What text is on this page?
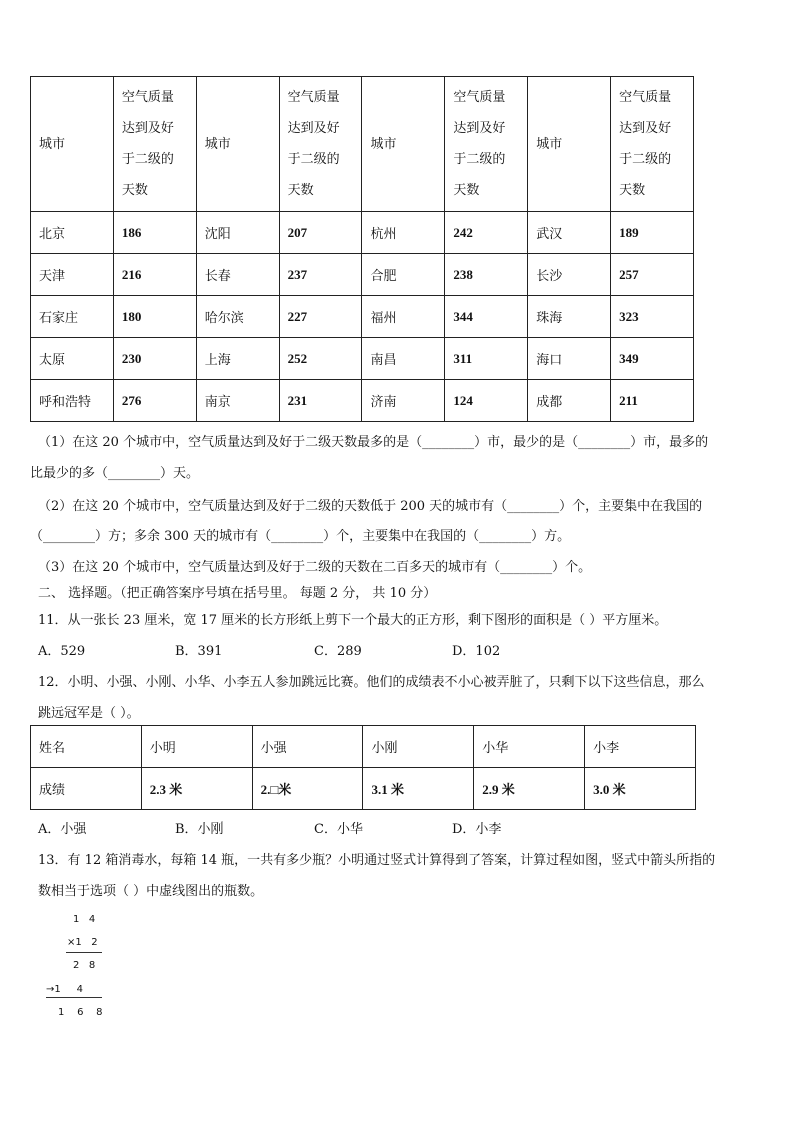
城市	空气质量
达到及好
于二级的
天数	城市	空气质量
达到及好
于二级的
天数	城市	空气质量
达到及好
于二级的
天数	城市	空气质量
达到及好
于二级的
天数
北京	186	沈阳	207	杭州	242	武汉	189
天津	216	长春	237	合肥	238	长沙	257
石家庄	180	哈尔滨	227	福州	344	珠海	323
太原	230	上海	252	南昌	311	海口	349
呼和浩特	276	南京	231	济南	124	成都	211
（1）在这 20 个城市中，空气质量达到及好于二级天数最多的是（________）市，最少的是（________）市，最多的
比最少的多（________）天。
（2）在这 20 个城市中，空气质量达到及好于二级的天数低于 200 天的城市有（________）个，主要集中在我国的
（________）方；多余 300 天的城市有（________）个，主要集中在我国的（________）方。
（3）在这 20 个城市中，空气质量达到及好于二级的天数在二百多天的城市有（________）个。
二、 选择题。（把正确答案序号填在括号里。 每题 2 分， 共 10 分）
11．从一张长 23 厘米，宽 17 厘米的长方形纸上剪下一个最大的正方形，剩下图形的面积是（ ）平方厘米。
A．529	B．391	C．289	D．102
12．小明、小强、小刚、小华、小李五人参加跳远比赛。他们的成绩表不小心被弄脏了，只剩下以下这些信息，那么
跳远冠军是（ ）。
姓名	小明	小强	小刚	小华	小李
成绩	2.3 米	2.□米	3.1 米	2.9 米	3.0 米
A．小强	B．小刚	C．小华	D．小李
13．有 12 箱消毒水，每箱 14 瓶，一共有多少瓶？小明通过竖式计算得到了答案，计算过程如图，竖式中箭头所指的
数相当于选项（ ）中虚线图出的瓶数。
1   4
×1   2
2   8
→1     4
1    6    8
